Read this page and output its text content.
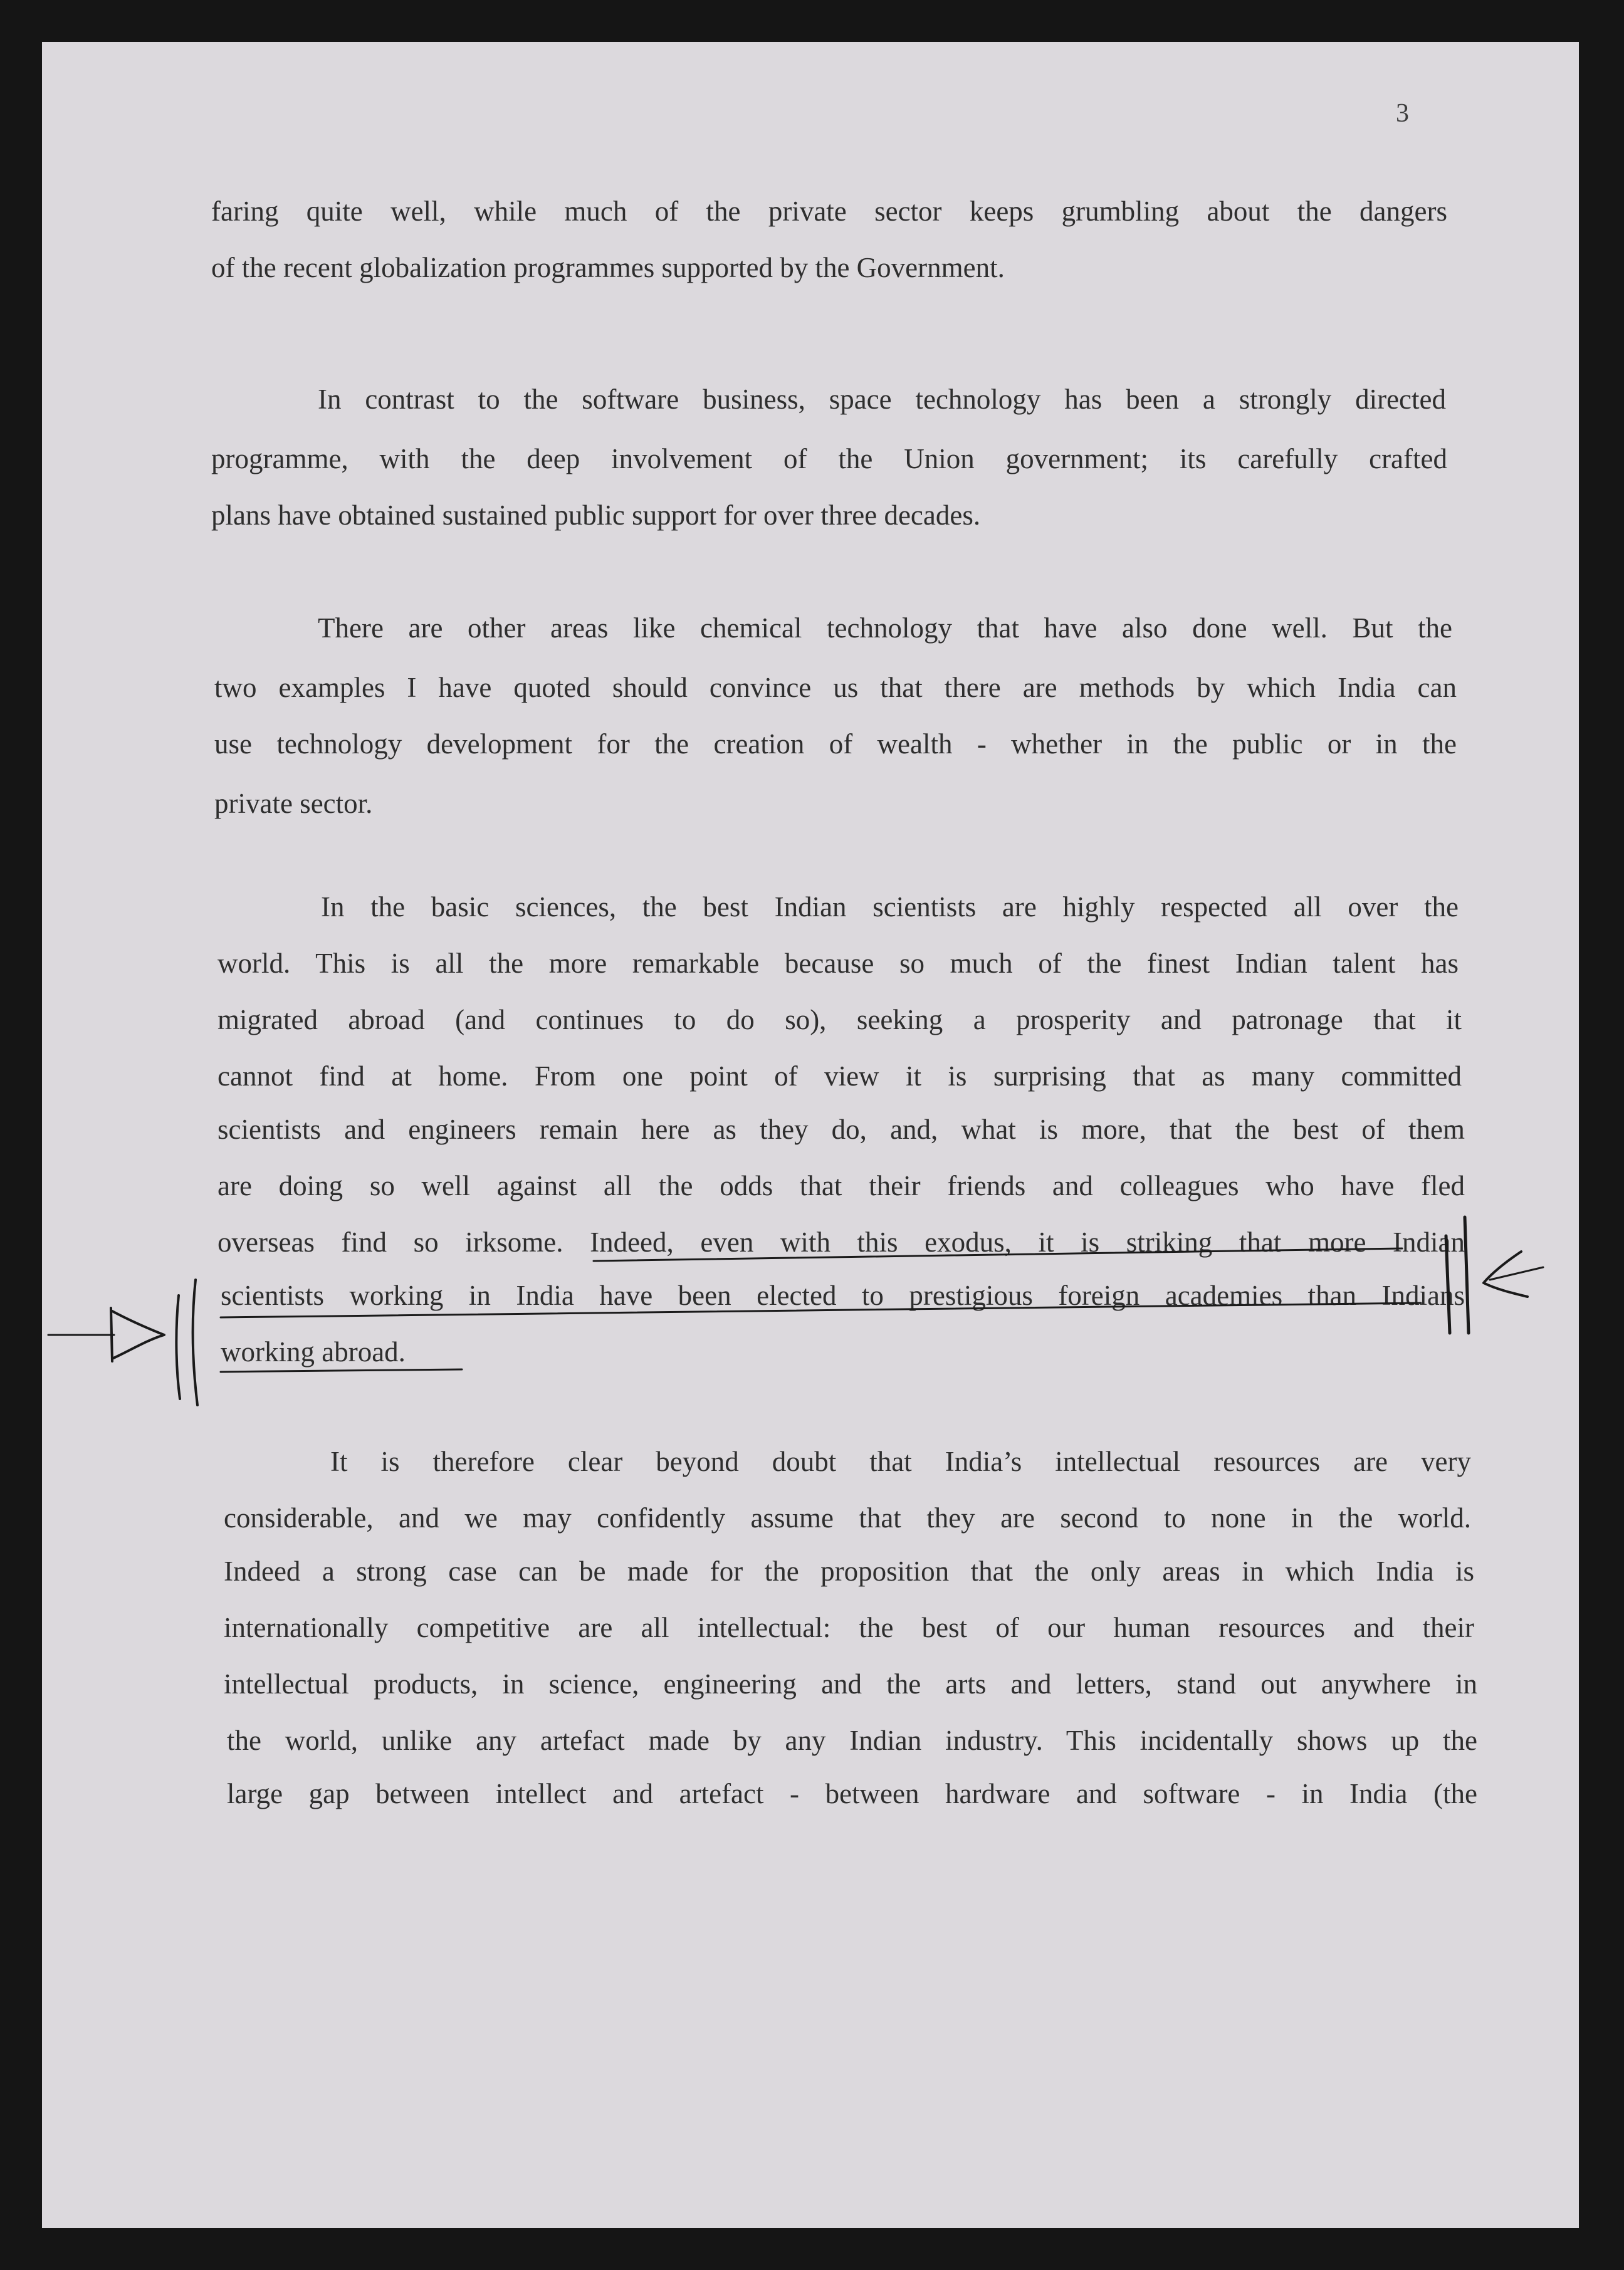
3
faring quite well, while much of the private sector keeps grumbling about the dangers
of the recent globalization programmes supported by the Government.
In contrast to the software business, space technology has been a strongly directed
programme, with the deep involvement of the Union government; its carefully crafted
plans have obtained sustained public support for over three decades.
There are other areas like chemical technology that have also done well. But the
two examples I have quoted should convince us that there are methods by which India can
use technology development for the creation of wealth - whether in the public or in the
private sector.
In the basic sciences, the best Indian scientists are highly respected all over the
world. This is all the more remarkable because so much of the finest Indian talent has
migrated abroad (and continues to do so), seeking a prosperity and patronage that it
cannot find at home. From one point of view it is surprising that as many committed
scientists and engineers remain here as they do, and, what is more, that the best of them
are doing so well against all the odds that their friends and colleagues who have fled
overseas find so irksome. Indeed, even with this exodus, it is striking that more Indian
scientists working in India have been elected to prestigious foreign academies than Indians
working abroad.
It is therefore clear beyond doubt that India’s intellectual resources are very
considerable, and we may confidently assume that they are second to none in the world.
Indeed a strong case can be made for the proposition that the only areas in which India is
internationally competitive are all intellectual: the best of our human resources and their
intellectual products, in science, engineering and the arts and letters, stand out anywhere in
the world, unlike any artefact made by any Indian industry. This incidentally shows up the
large gap between intellect and artefact - between hardware and software - in India (the
